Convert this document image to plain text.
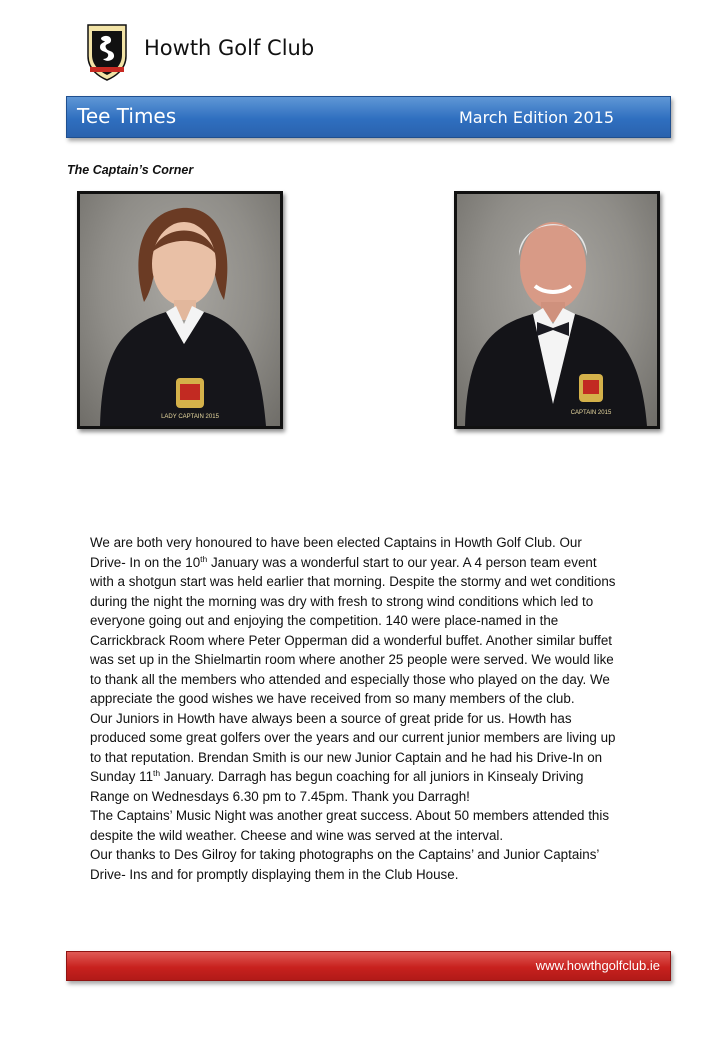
Howth Golf Club
Tee Times	March Edition 2015
The Captain’s Corner
LADY CAPTAIN 2015
CAPTAIN 2015

We are both very honoured to have been elected Captains in Howth Golf Club. Our Drive- In on the 10th January was a wonderful start to our year. A 4 person team event with a shotgun start was held earlier that morning. Despite the stormy and wet conditions during the night the morning was dry with fresh to strong wind conditions which led to everyone going out and enjoying the competition. 140 were place-named in the Carrickbrack Room where Peter Opperman did a wonderful buffet. Another similar buffet was set up in the Shielmartin room where another 25 people were served. We would like to thank all the members who attended and especially those who played on the day. We appreciate the good wishes we have received from so many members of the club.

Our Juniors in Howth have always been a source of great pride for us. Howth has produced some great golfers over the years and our current junior members are living up to that reputation. Brendan Smith is our new Junior Captain and he had his Drive-In on Sunday 11th January. Darragh has begun coaching for all juniors in Kinsealy Driving Range on Wednesdays 6.30 pm to 7.45pm. Thank you Darragh!

The Captains’ Music Night was another great success. About 50 members attended this despite the wild weather. Cheese and wine was served at the interval.

Our thanks to Des Gilroy for taking photographs on the Captains’ and Junior Captains’ Drive- Ins and for promptly displaying them in the Club House.

www.howthgolfclub.ie
